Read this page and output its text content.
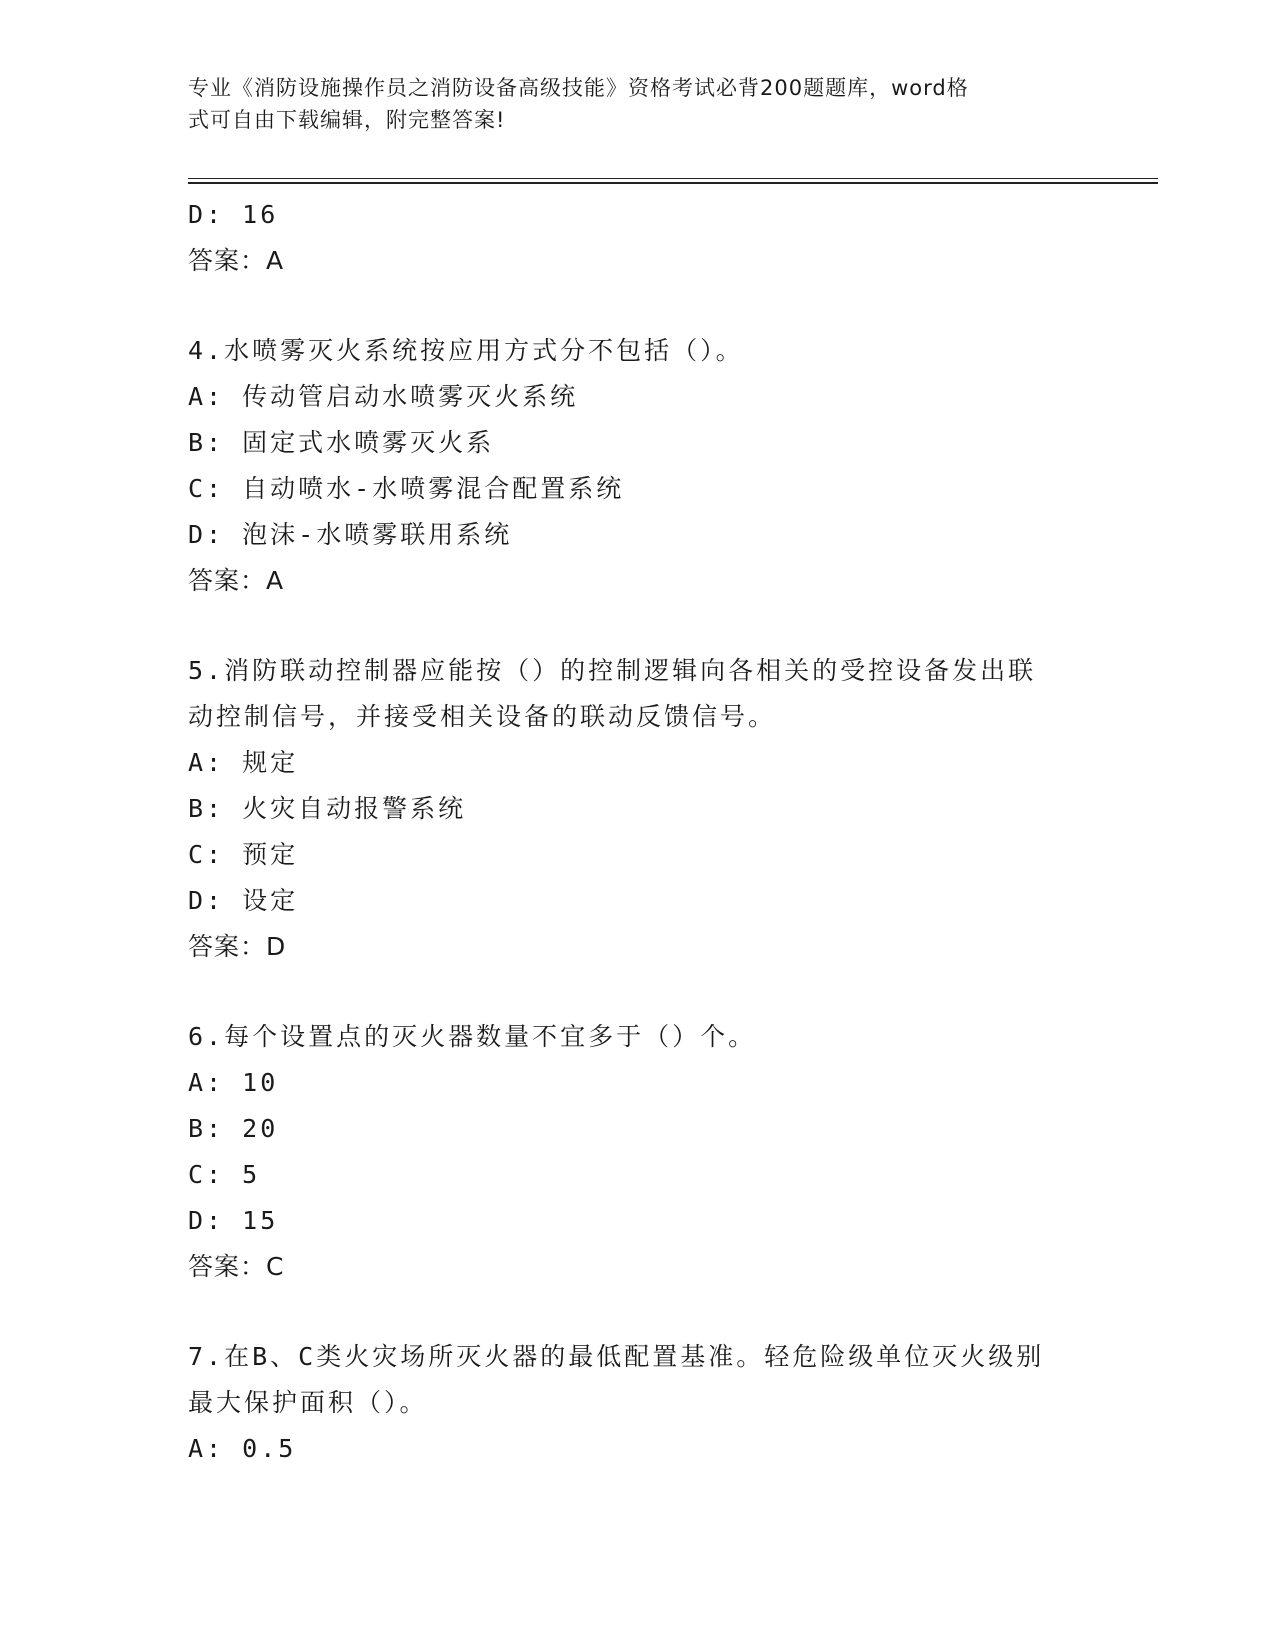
专业《消防设施操作员之消防设备高级技能》资格考试必背200题题库，word格
式可自由下载编辑，附完整答案!
D: 16
答案：A
4.水喷雾灭火系统按应用方式分不包括（）。
A: 传动管启动水喷雾灭火系统
B: 固定式水喷雾灭火系
C: 自动喷水-水喷雾混合配置系统
D: 泡沫-水喷雾联用系统
答案：A
5.消防联动控制器应能按（）的控制逻辑向各相关的受控设备发出联
动控制信号，并接受相关设备的联动反馈信号。
A: 规定
B: 火灾自动报警系统
C: 预定
D: 设定
答案：D
6.每个设置点的灭火器数量不宜多于（）个。
A: 10
B: 20
C: 5
D: 15
答案：C
7.在B、C类火灾场所灭火器的最低配置基准。轻危险级单位灭火级别
最大保护面积（）。
A: 0.5
